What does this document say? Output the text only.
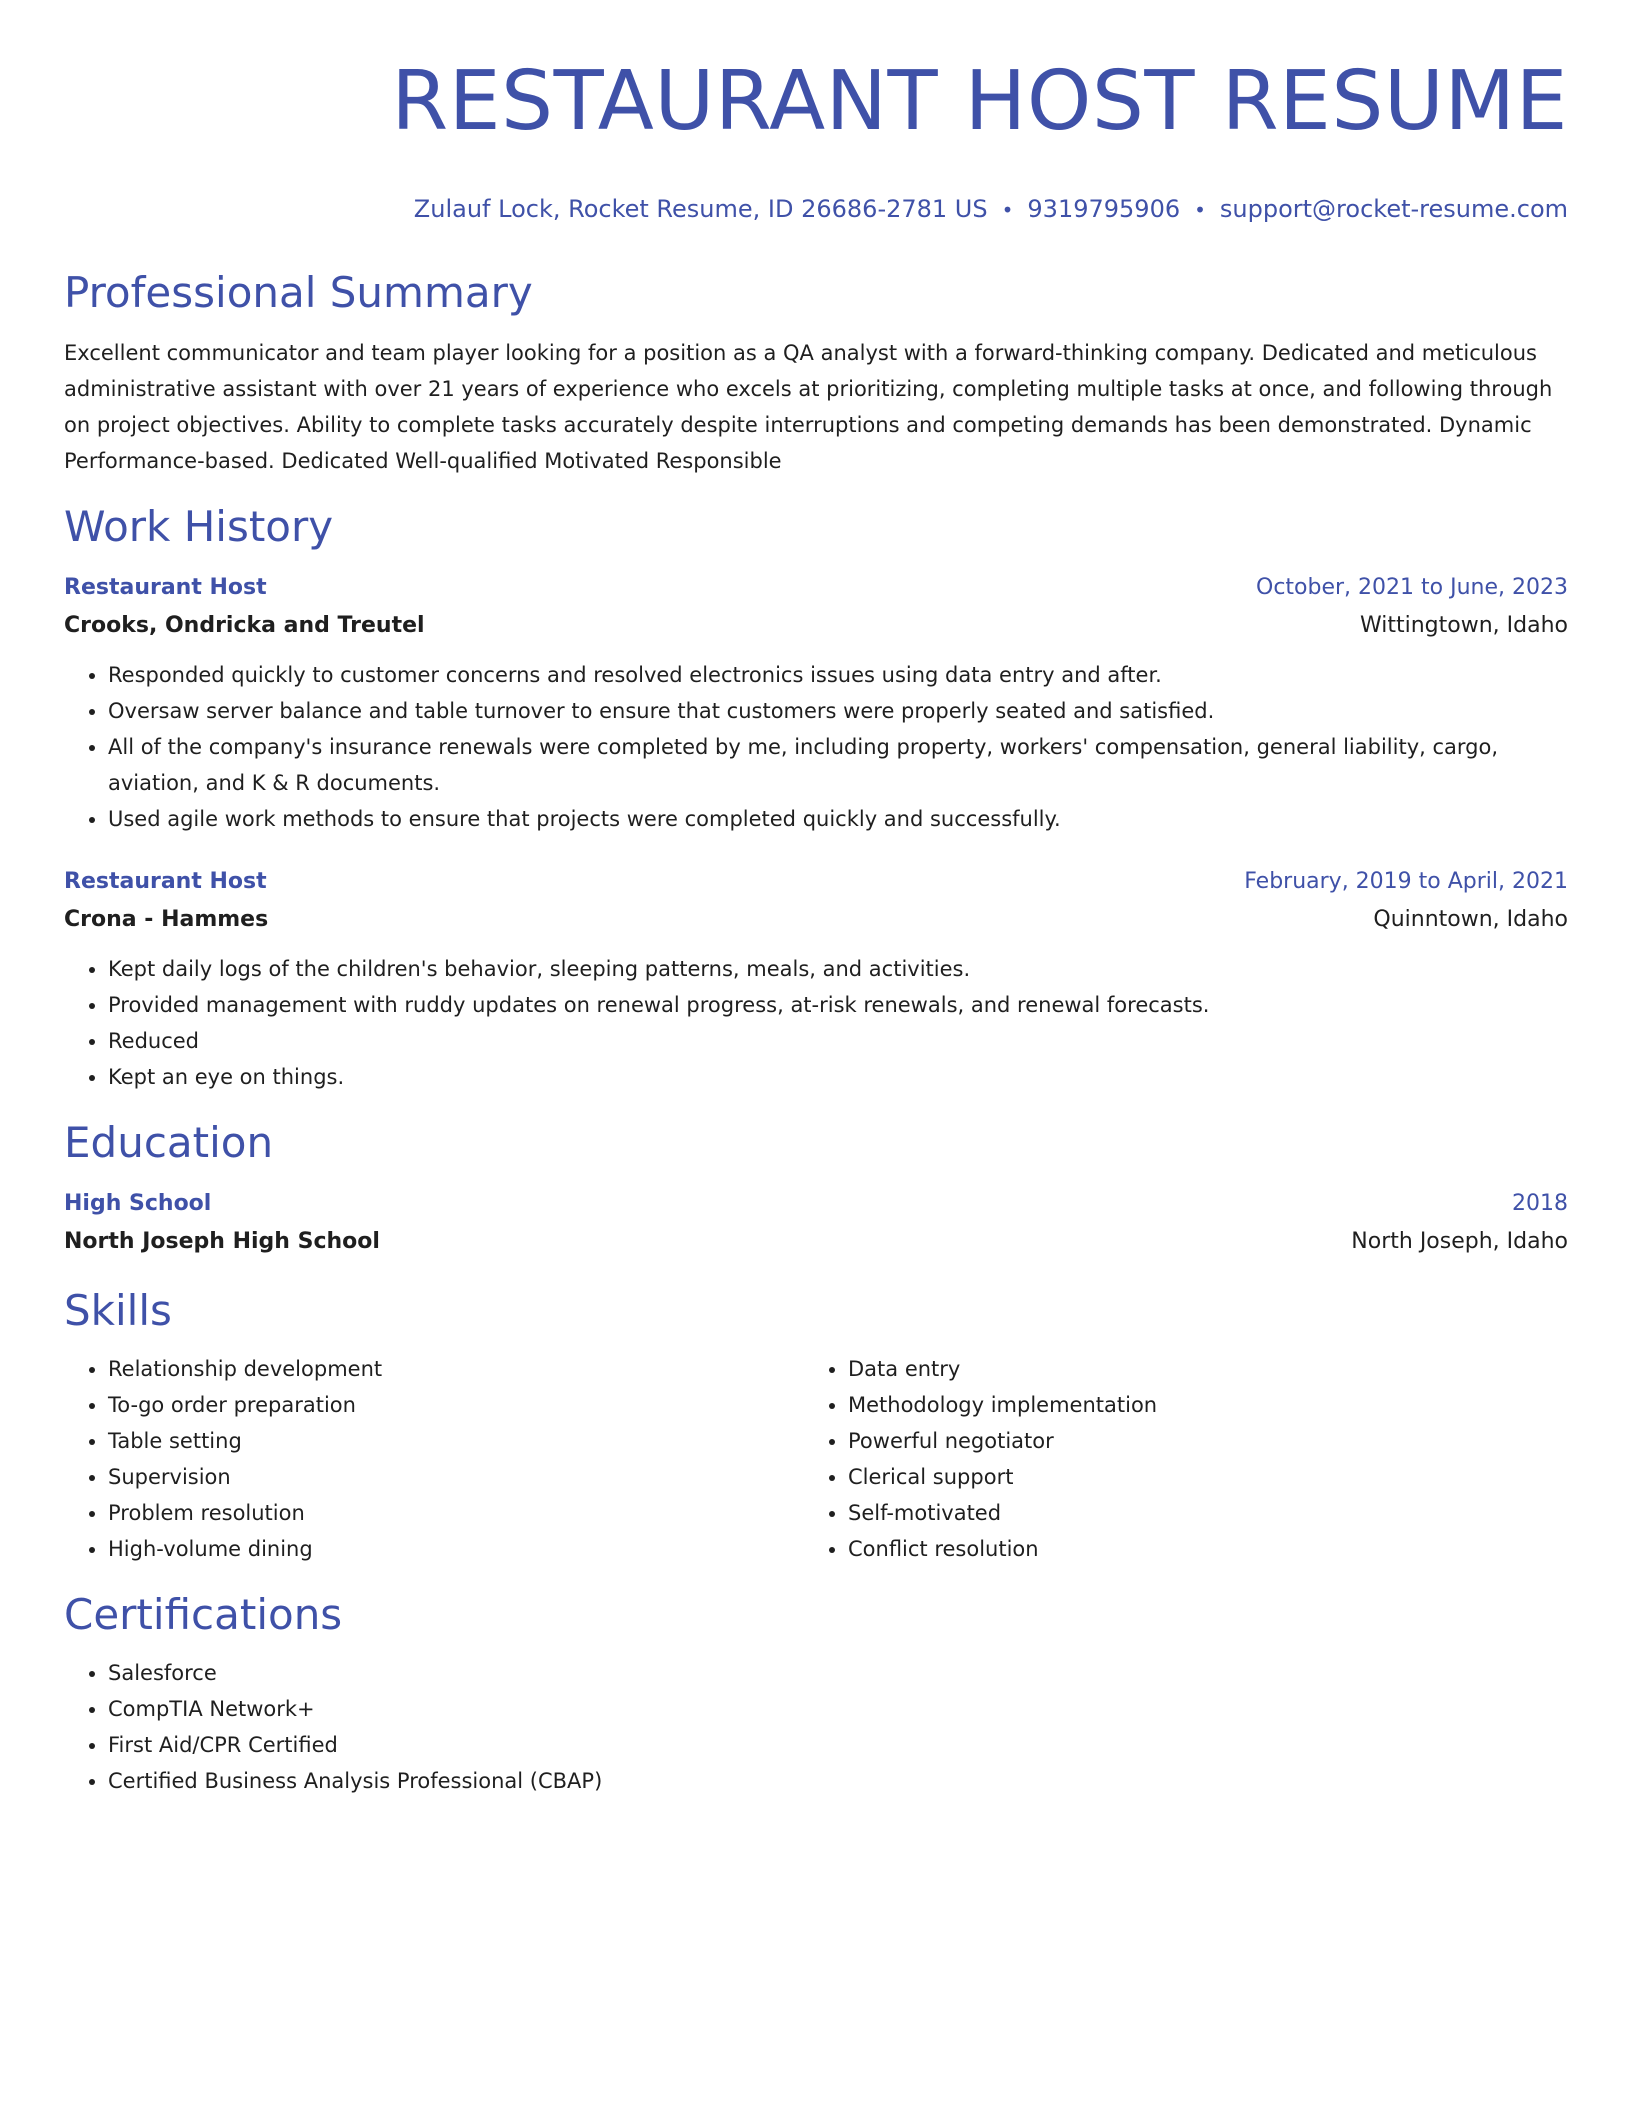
RESTAURANT HOST RESUME
Zulauf Lock, Rocket Resume, ID 26686-2781 US • 9319795906 • support@rocket-resume.com
Professional Summary

Excellent communicator and team player looking for a position as a QA analyst with a forward-thinking company. Dedicated and meticulous administrative assistant with over 21 years of experience who excels at prioritizing, completing multiple tasks at once, and following through on project objectives. Ability to complete tasks accurately despite interruptions and competing demands has been demonstrated. Dynamic Performance-based. Dedicated Well-qualified Motivated Responsible

Work History
Restaurant Host	October, 2021 to June, 2023
Crooks, Ondricka and Treutel	Wittingtown, Idaho
• Responded quickly to customer concerns and resolved electronics issues using data entry and after.
• Oversaw server balance and table turnover to ensure that customers were properly seated and satisfied.
• All of the company's insurance renewals were completed by me, including property, workers' compensation, general liability, cargo, aviation, and K & R documents.
• Used agile work methods to ensure that projects were completed quickly and successfully.
Restaurant Host	February, 2019 to April, 2021
Crona - Hammes	Quinntown, Idaho
• Kept daily logs of the children's behavior, sleeping patterns, meals, and activities.
• Provided management with ruddy updates on renewal progress, at-risk renewals, and renewal forecasts.
• Reduced
• Kept an eye on things.
Education
High School	2018
North Joseph High School	North Joseph, Idaho
Skills
• Relationship development
• To-go order preparation
• Table setting
• Supervision
• Problem resolution
• High-volume dining
• Data entry
• Methodology implementation
• Powerful negotiator
• Clerical support
• Self-motivated
• Conflict resolution
Certifications
• Salesforce
• CompTIA Network+
• First Aid/CPR Certified
• Certified Business Analysis Professional (CBAP)
